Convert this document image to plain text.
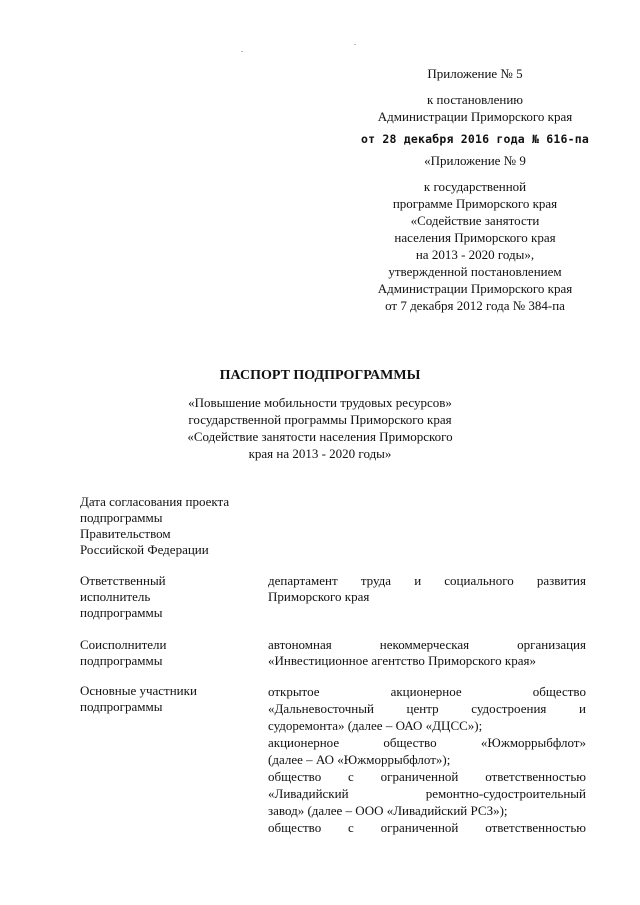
Приложение № 5
к постановлению
Администрации Приморского края
от 28 декабря 2016 года № 616-па
«Приложение № 9
к государственной
программе Приморского края
«Содействие занятости
населения Приморского края
на 2013 - 2020 годы»,
утвержденной постановлением
Администрации Приморского края
от 7 декабря 2012 года № 384-па
ПАСПОРТ ПОДПРОГРАММЫ
«Повышение мобильности трудовых ресурсов»
государственной программы Приморского края
«Содействие занятости населения Приморского
края на 2013 - 2020 годы»
Дата согласования проекта
подпрограммы
Правительством
Российской Федерации
Ответственный
исполнитель
подпрограммы
департамент труда и социального развития
Приморского края
Соисполнители
подпрограммы
автономная некоммерческая организация
«Инвестиционное агентство Приморского края»
Основные участники
подпрограммы
открытое акционерное общество
«Дальневосточный центр судостроения и
судоремонта» (далее – ОАО «ДЦСС»);
акционерное общество «Южморрыбфлот»
(далее – АО «Южморрыбфлот»);
общество с ограниченной ответственностью
«Ливадийский ремонтно-судостроительный
завод» (далее – ООО «Ливадийский РСЗ»);
общество с ограниченной ответственностью
